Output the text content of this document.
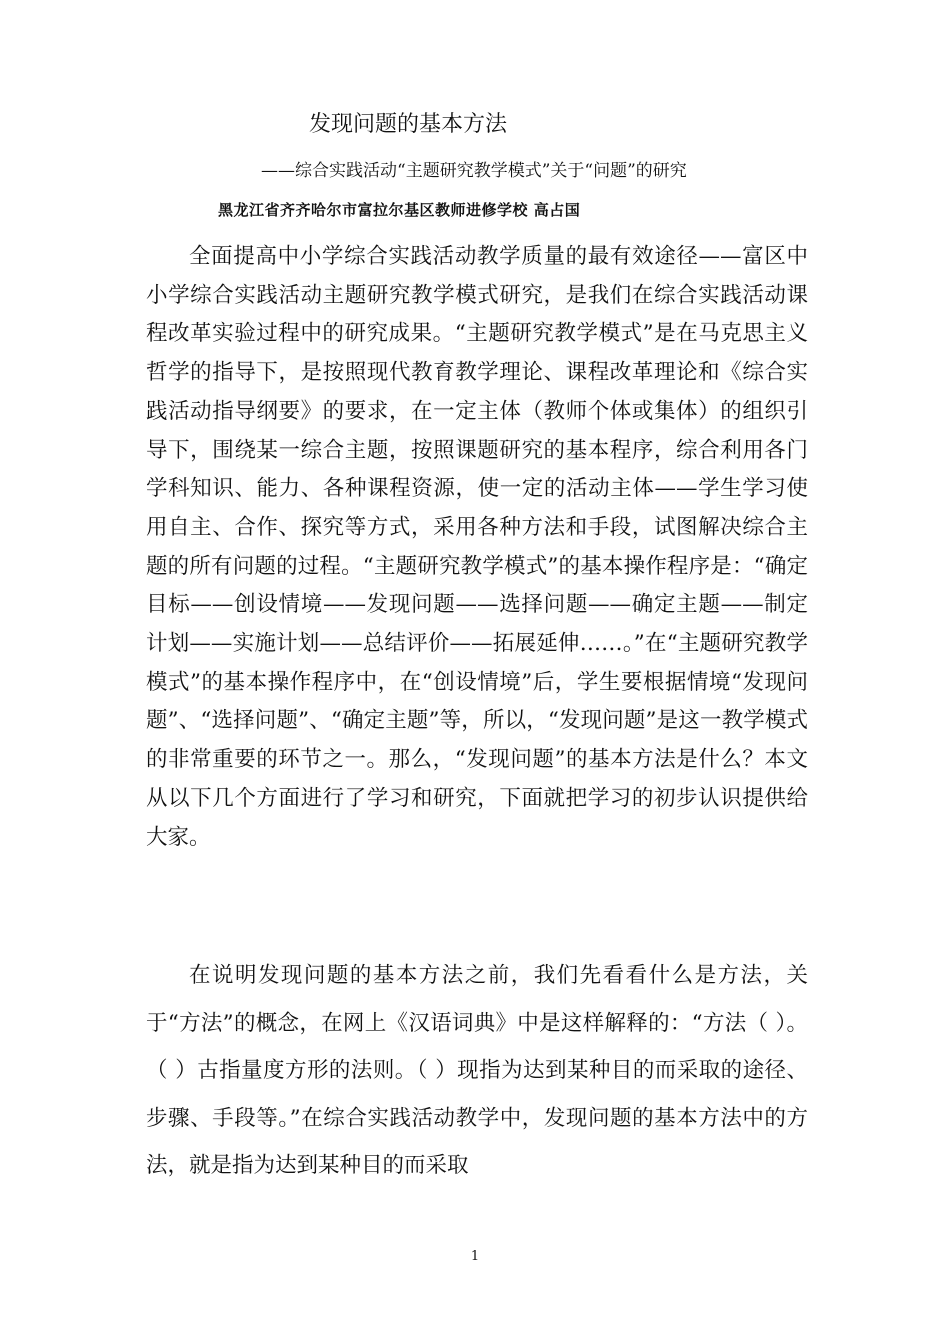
发现问题的基本方法
——综合实践活动“主题研究教学模式”关于“问题”的研究
黑龙江省齐齐哈尔市富拉尔基区教师进修学校 高占国
全面提高中小学综合实践活动教学质量的最有效途径——富区中小学综合实践活动主题研究教学模式研究，是我们在综合实践活动课程改革实验过程中的研究成果。“主题研究教学模式”是在马克思主义哲学的指导下，是按照现代教育教学理论、课程改革理论和《综合实践活动指导纲要》的要求，在一定主体（教师个体或集体）的组织引导下，围绕某一综合主题，按照课题研究的基本程序，综合利用各门学科知识、能力、各种课程资源，使一定的活动主体——学生学习使用自主、合作、探究等方式，采用各种方法和手段，试图解决综合主题的所有问题的过程。“主题研究教学模式”的基本操作程序是：“确定目标——创设情境——发现问题——选择问题——确定主题——制定计划——实施计划——总结评价——拓展延伸……。”在“主题研究教学模式”的基本操作程序中，在“创设情境”后，学生要根据情境“发现问题”、“选择问题”、“确定主题”等，所以，“发现问题”是这一教学模式的非常重要的环节之一。那么，“发现问题”的基本方法是什么？本文从以下几个方面进行了学习和研究，下面就把学习的初步认识提供给大家。
在说明发现问题的基本方法之前，我们先看看什么是方法，关于“方法”的概念，在网上《汉语词典》中是这样解释的：“方法（ ）。（ ）古指量度方形的法则。（ ）现指为达到某种目的而采取的途径、步骤、手段等。”在综合实践活动教学中，发现问题的基本方法中的方法，就是指为达到某种目的而采取
1
